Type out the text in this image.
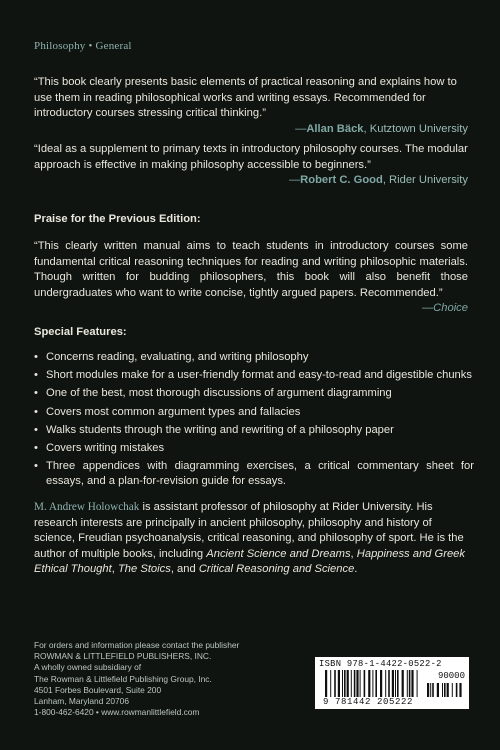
Philosophy • General

“This book clearly presents basic elements of practical reasoning and explains how to use them in reading philosophical works and writing essays. Recommended for introductory courses stressing critical thinking.”

—Allan Bäck, Kutztown University

“Ideal as a supplement to primary texts in introductory philosophy courses. The modular approach is effective in making philosophy accessible to beginners.”

—Robert C. Good, Rider University
Praise for the Previous Edition:

“This clearly written manual aims to teach students in introductory courses some fundamental critical reasoning techniques for reading and writing philosophic materials. Though written for budding philosophers, this book will also benefit those undergraduates who want to write concise, tightly argued papers. Recommended.”
—Choice

Special Features:
• Concerns reading, evaluating, and writing philosophy
• Short modules make for a user-friendly format and easy-to-read and digestible chunks
• One of the best, most thorough discussions of argument diagramming
• Covers most common argument types and fallacies
• Walks students through the writing and rewriting of a philosophy paper
• Covers writing mistakes
• Three appendices with diagramming exercises, a critical commentary sheet for essays, and a plan-for-revision guide for essays.
M. Andrew Holowchak is assistant professor of philosophy at Rider University. His research interests are principally in ancient philosophy, philosophy and history of science, Freudian psychoanalysis, critical reasoning, and philosophy of sport. He is the author of multiple books, including Ancient Science and Dreams, Happiness and Greek Ethical Thought, The Stoics, and Critical Reasoning and Science.
For orders and information please contact the publisher
ROWMAN & LITTLEFIELD PUBLISHERS, INC.
A wholly owned subsidiary of
The Rowman & Littlefield Publishing Group, Inc.
4501 Forbes Boulevard, Suite 200
Lanham, Maryland 20706
1-800-462-6420 • www.rowmanlittlefield.com
ISBN 978-1-4422-0522-2
90000
9 781442 205222
